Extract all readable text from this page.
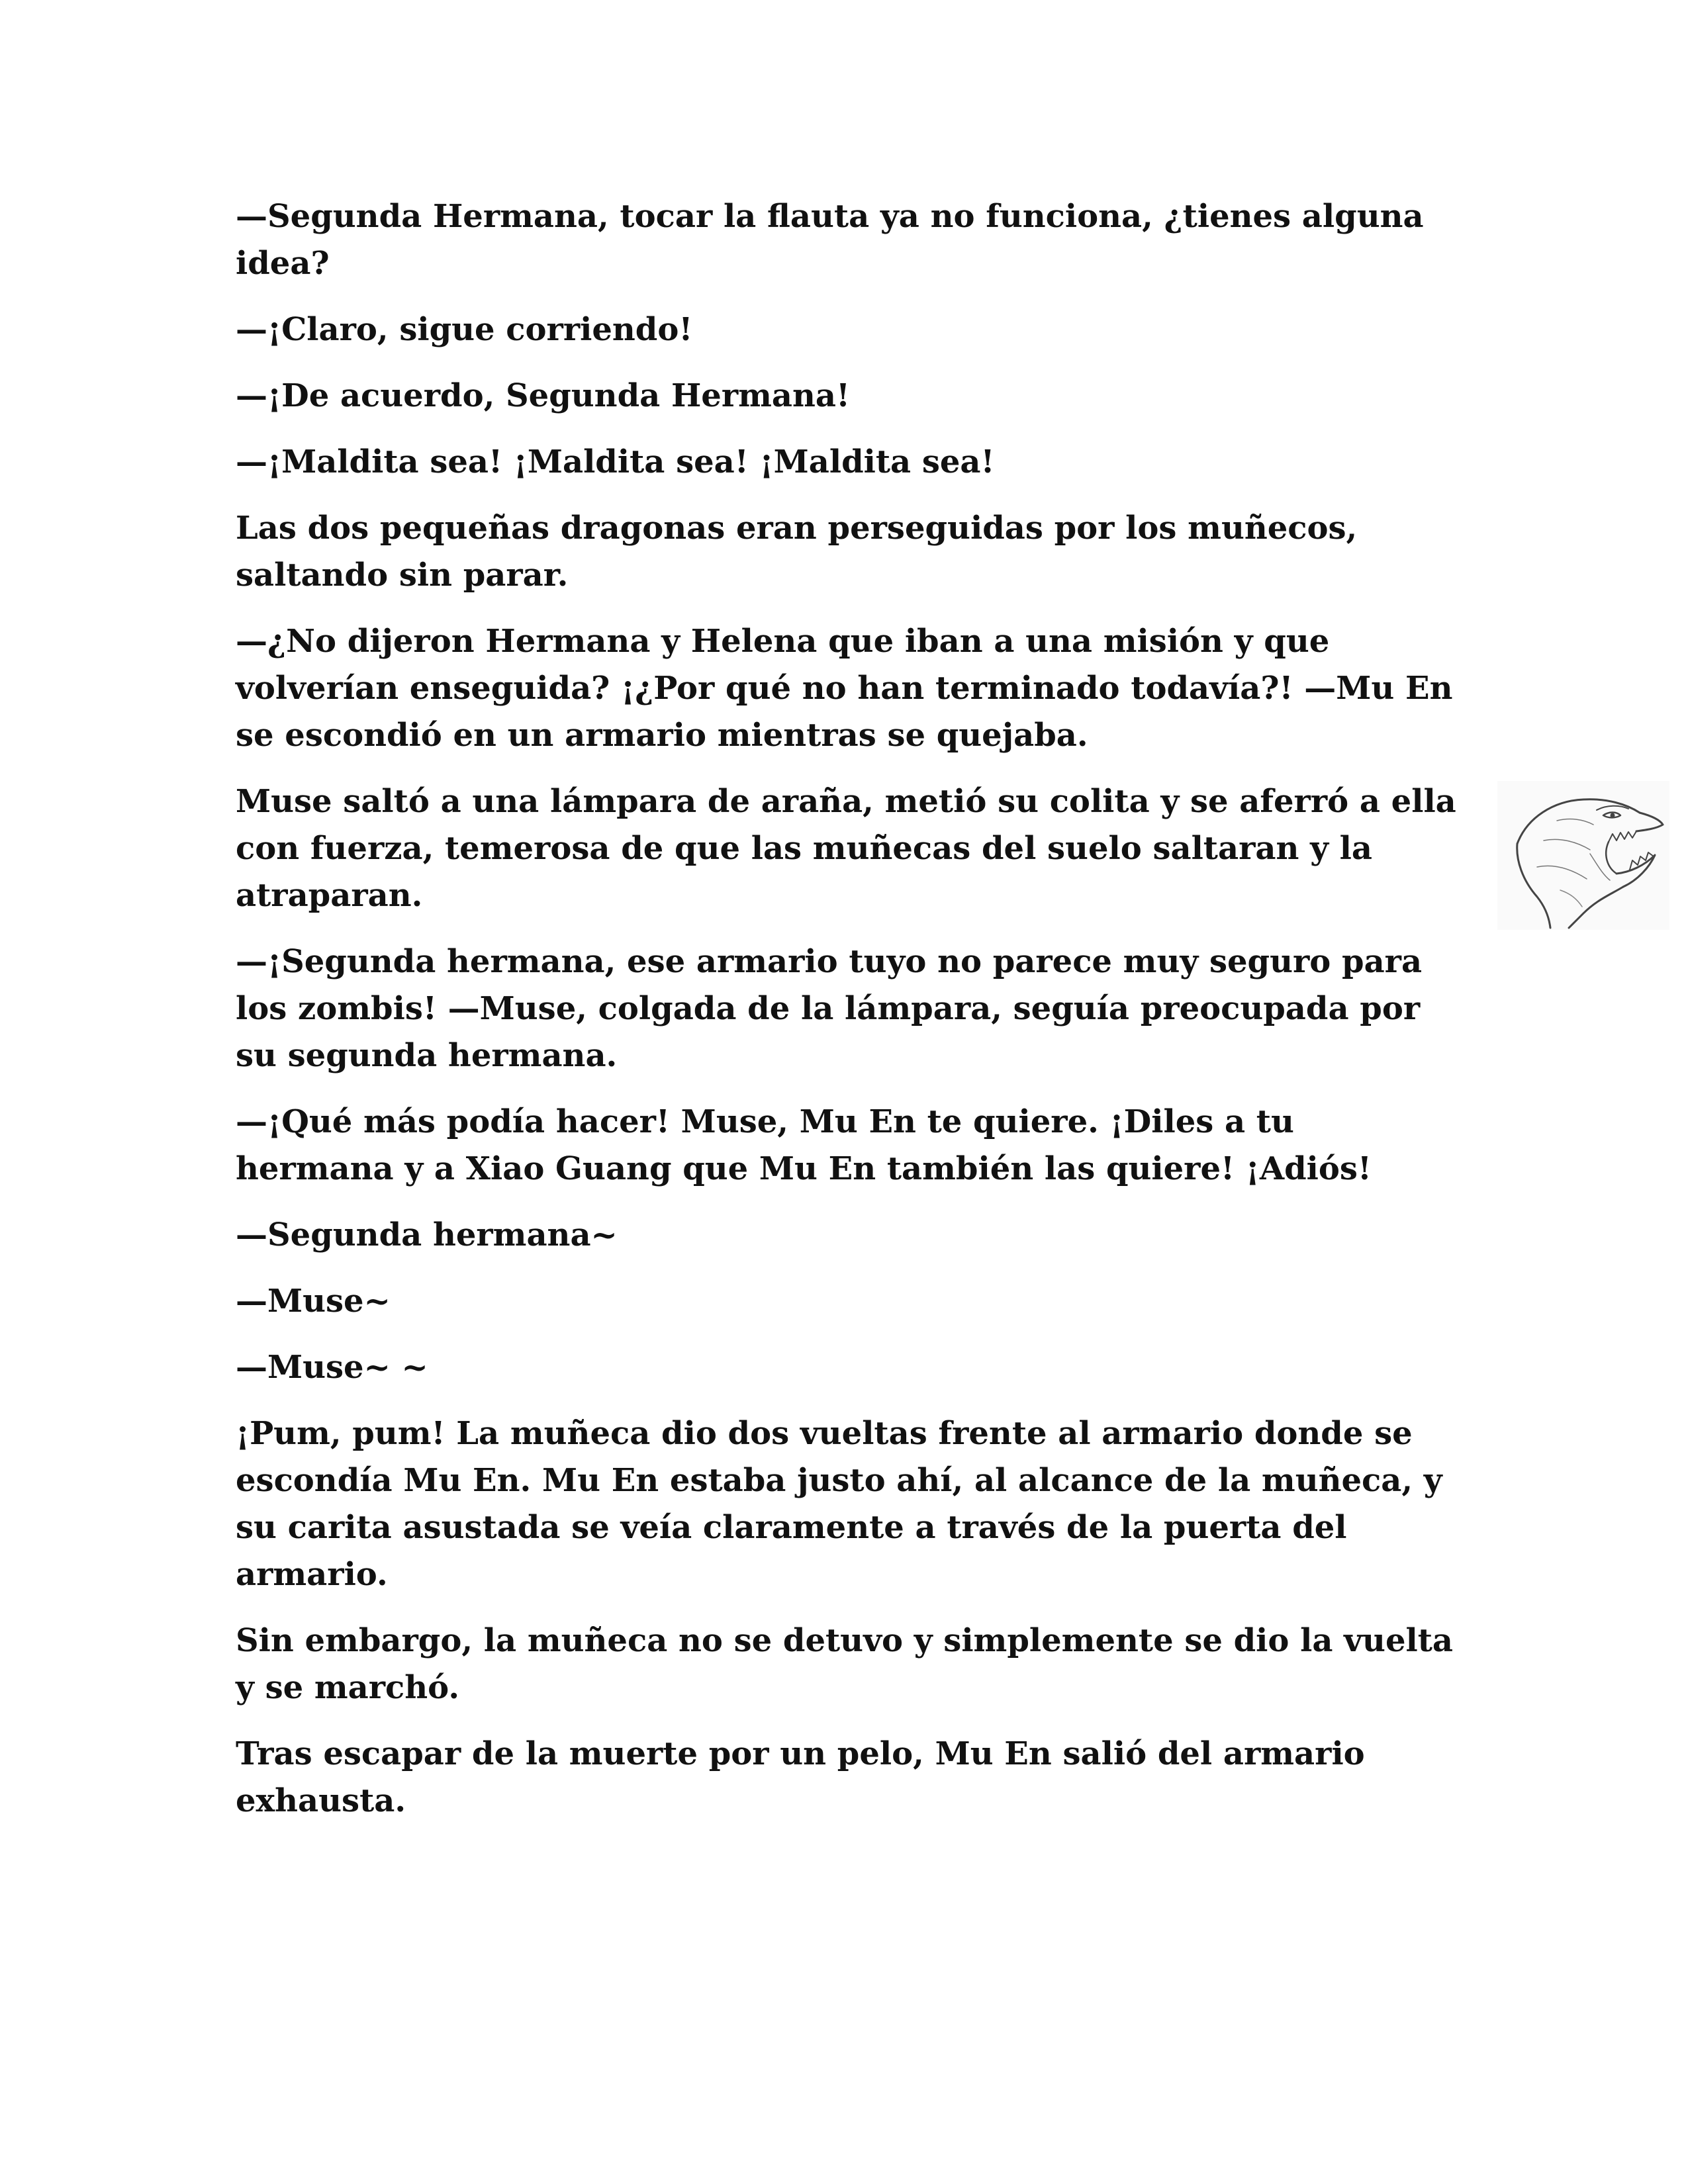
—Segunda Hermana, tocar la flauta ya no funciona, ¿tienes alguna idea?

—¡Claro, sigue corriendo!

—¡De acuerdo, Segunda Hermana!

—¡Maldita sea! ¡Maldita sea! ¡Maldita sea!

Las dos pequeñas dragonas eran perseguidas por los muñecos, saltando sin parar.

—¿No dijeron Hermana y Helena que iban a una misión y que volverían enseguida? ¡¿Por qué no han terminado todavía?! —Mu En se escondió en un armario mientras se quejaba.

Muse saltó a una lámpara de araña, metió su colita y se aferró a ella con fuerza, temerosa de que las muñecas del suelo saltaran y la atraparan.

—¡Segunda hermana, ese armario tuyo no parece muy seguro para los zombis! —Muse, colgada de la lámpara, seguía preocupada por su segunda hermana.

—¡Qué más podía hacer! Muse, Mu En te quiere. ¡Diles a tu hermana y a Xiao Guang que Mu En también las quiere! ¡Adiós!

—Segunda hermana~

—Muse~

—Muse~ ~

¡Pum, pum! La muñeca dio dos vueltas frente al armario donde se escondía Mu En. Mu En estaba justo ahí, al alcance de la muñeca, y su carita asustada se veía claramente a través de la puerta del armario.

Sin embargo, la muñeca no se detuvo y simplemente se dio la vuelta y se marchó.

Tras escapar de la muerte por un pelo, Mu En salió del armario exhausta.
